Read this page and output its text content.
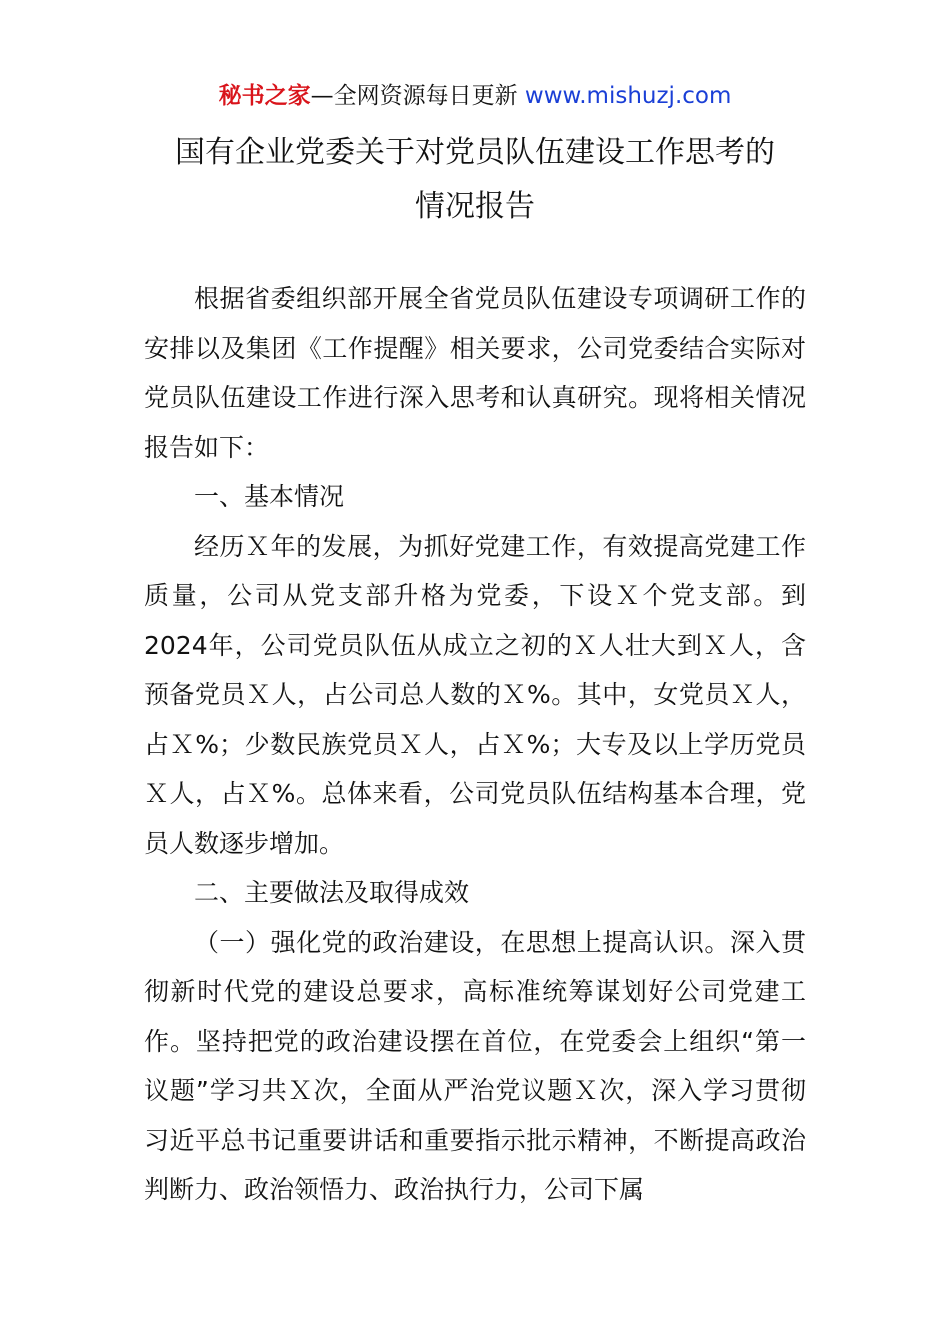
秘书之家—全网资源每日更新 www.mishuzj.com
国有企业党委关于对党员队伍建设工作思考的
情况报告

根据省委组织部开展全省党员队伍建设专项调研工作的安排以及集团《工作提醒》相关要求，公司党委结合实际对党员队伍建设工作进行深入思考和认真研究。现将相关情况报告如下：

一、基本情况

经历Ｘ年的发展，为抓好党建工作，有效提高党建工作质量，公司从党支部升格为党委，下设Ｘ个党支部。到2024年，公司党员队伍从成立之初的Ｘ人壮大到Ｘ人，含预备党员Ｘ人，占公司总人数的Ｘ%。其中，女党员Ｘ人，占Ｘ%；少数民族党员Ｘ人，占Ｘ%；大专及以上学历党员Ｘ人，占Ｘ%。总体来看，公司党员队伍结构基本合理，党员人数逐步增加。

二、主要做法及取得成效

（一）强化党的政治建设，在思想上提高认识。深入贯彻新时代党的建设总要求，高标准统筹谋划好公司党建工作。坚持把党的政治建设摆在首位，在党委会上组织“第一议题”学习共Ｘ次，全面从严治党议题Ｘ次，深入学习贯彻习近平总书记重要讲话和重要指示批示精神，不断提高政治判断力、政治领悟力、政治执行力，公司下属
